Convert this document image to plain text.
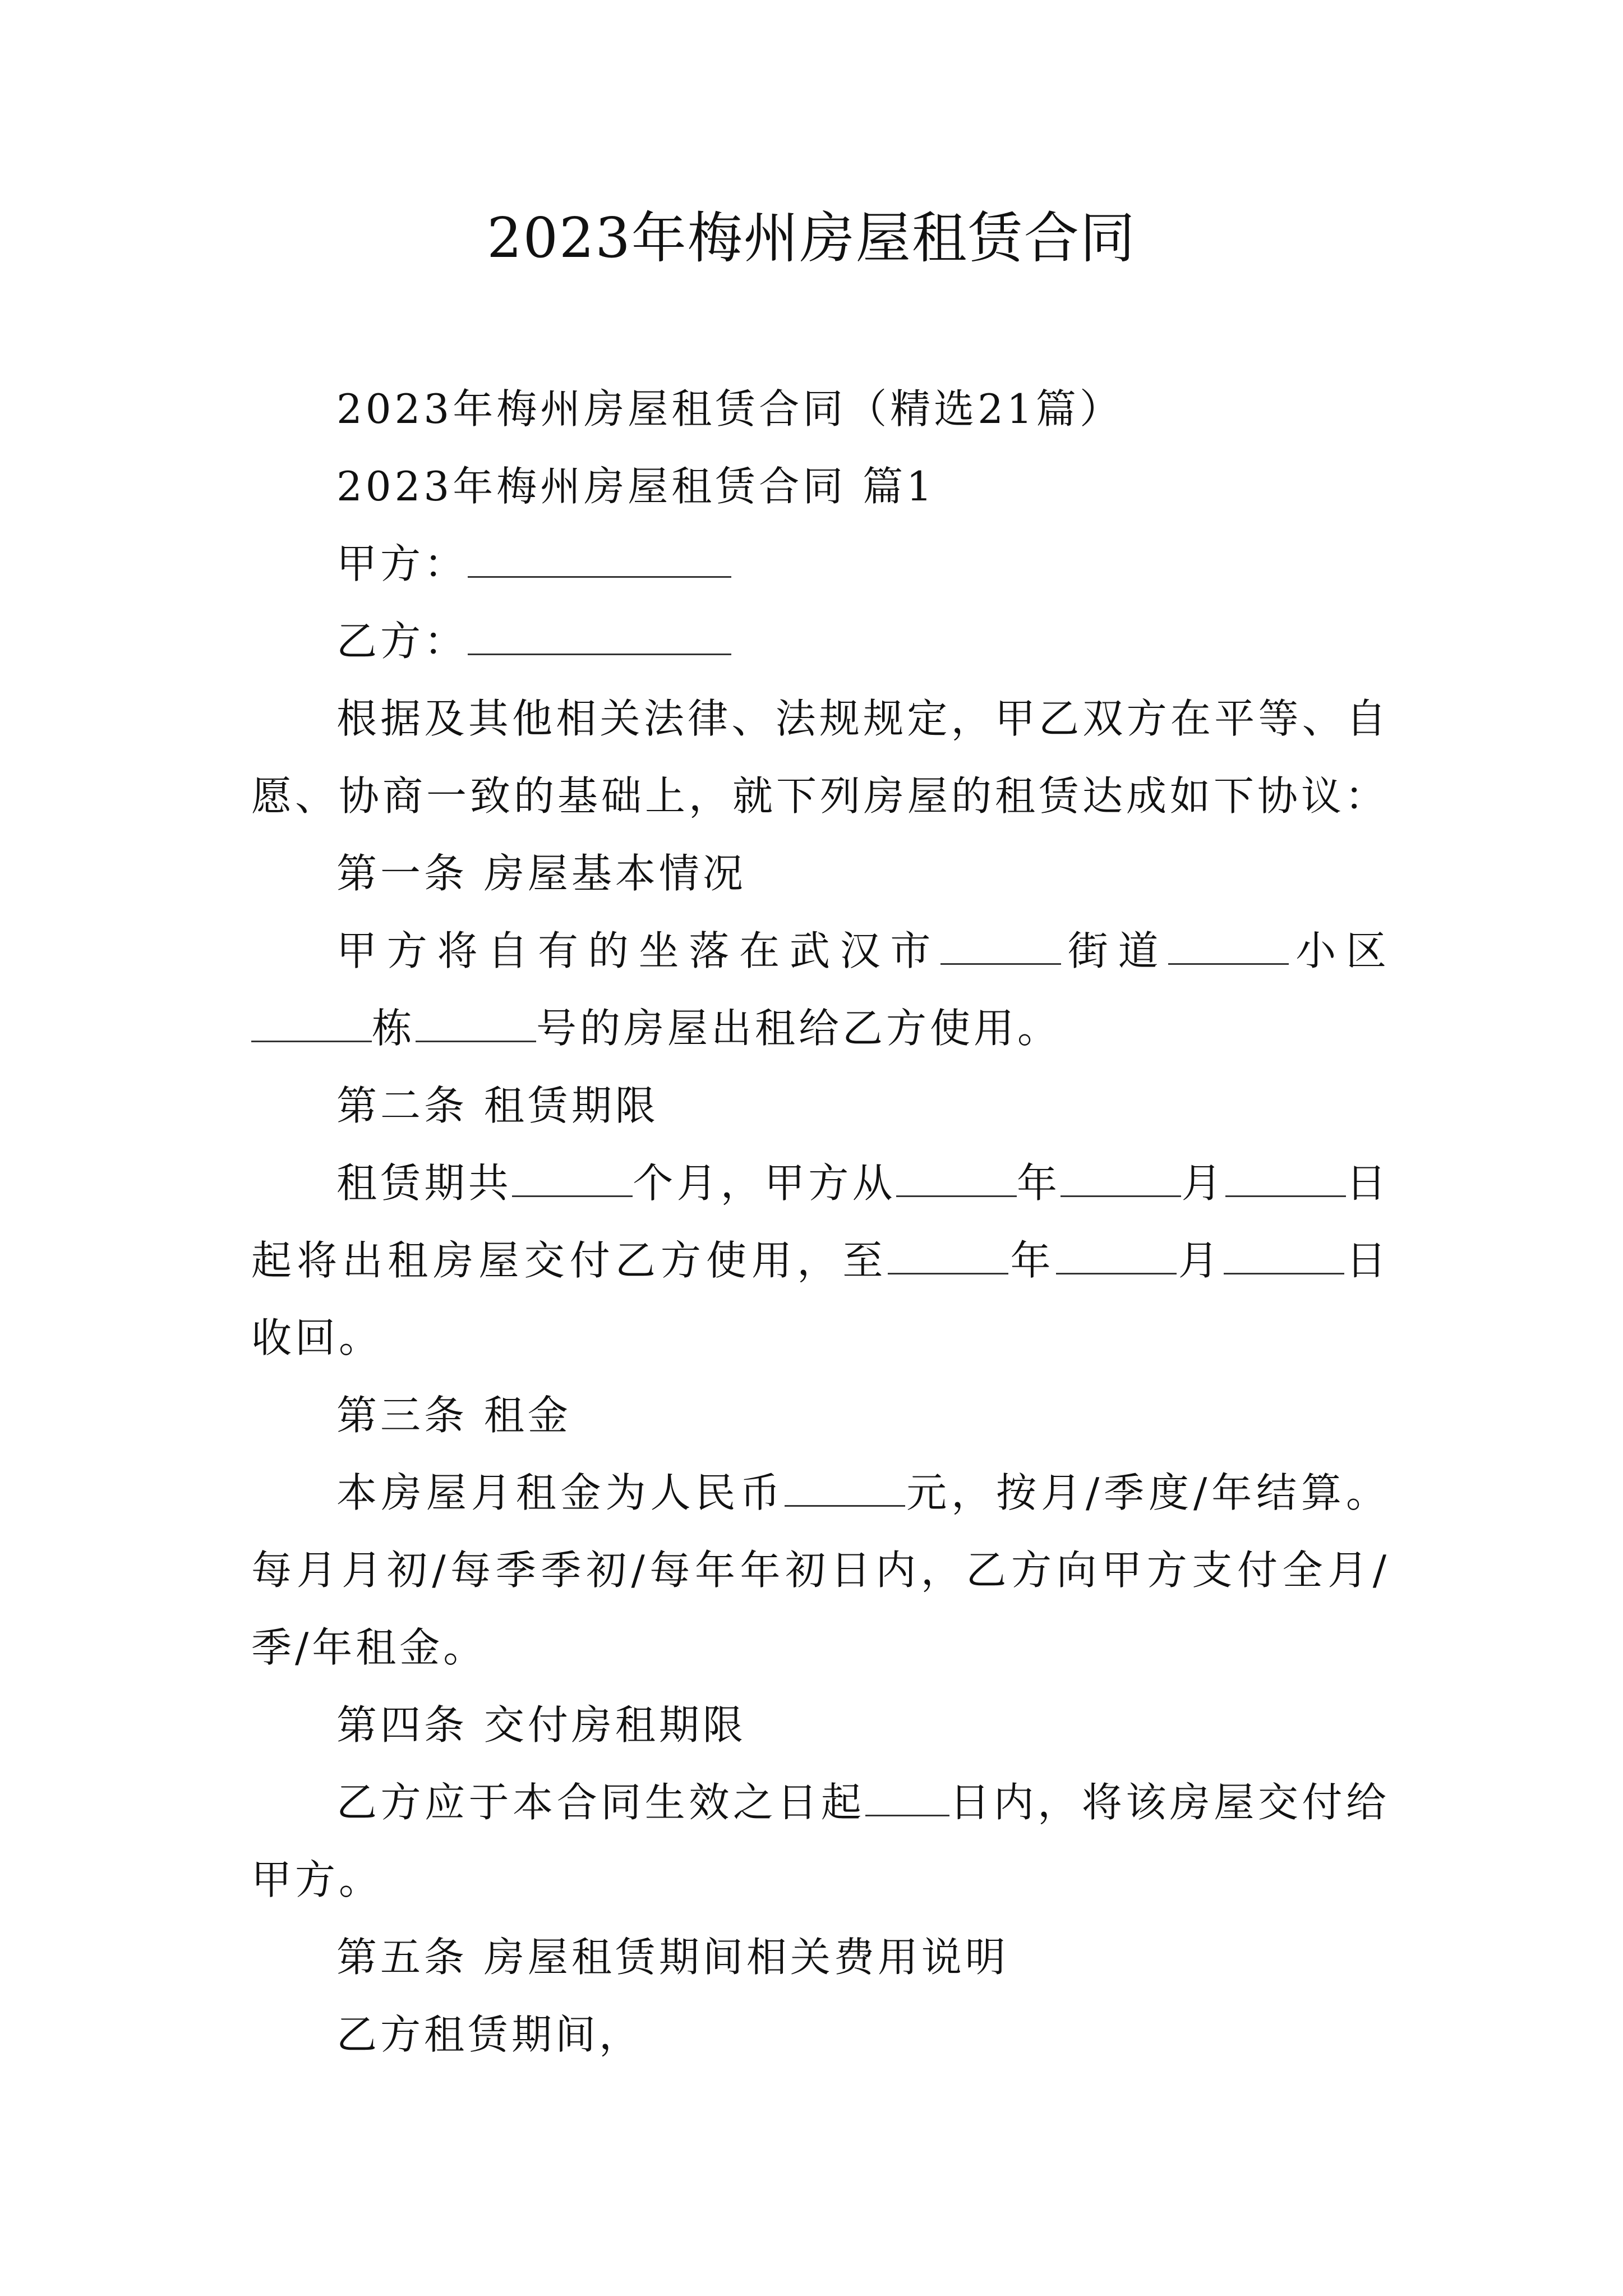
2023年梅州房屋租赁合同

2023年梅州房屋租赁合同（精选21篇）

2023年梅州房屋租赁合同 篇1

甲方：

乙方：

根据及其他相关法律、法规规定，甲乙双方在平等、自愿、协商一致的基础上，就下列房屋的租赁达成如下协议：

第一条 房屋基本情况

甲方将自有的坐落在武汉市	街道	小区 栋	号的房屋出租给乙方使用。

第二条 租赁期限

租赁期共	个月，甲方从	年	月	日起将出租房屋交付乙方使用，至	年	月	日收回。

第三条 租金

本房屋月租金为人民币	元，按月/季度/年结算。每月月初/每季季初/每年年初日内，乙方向甲方支付全月/季/年租金。

第四条 交付房租期限

乙方应于本合同生效之日起 日内，将该房屋交付给甲方。

第五条 房屋租赁期间相关费用说明

乙方租赁期间，
